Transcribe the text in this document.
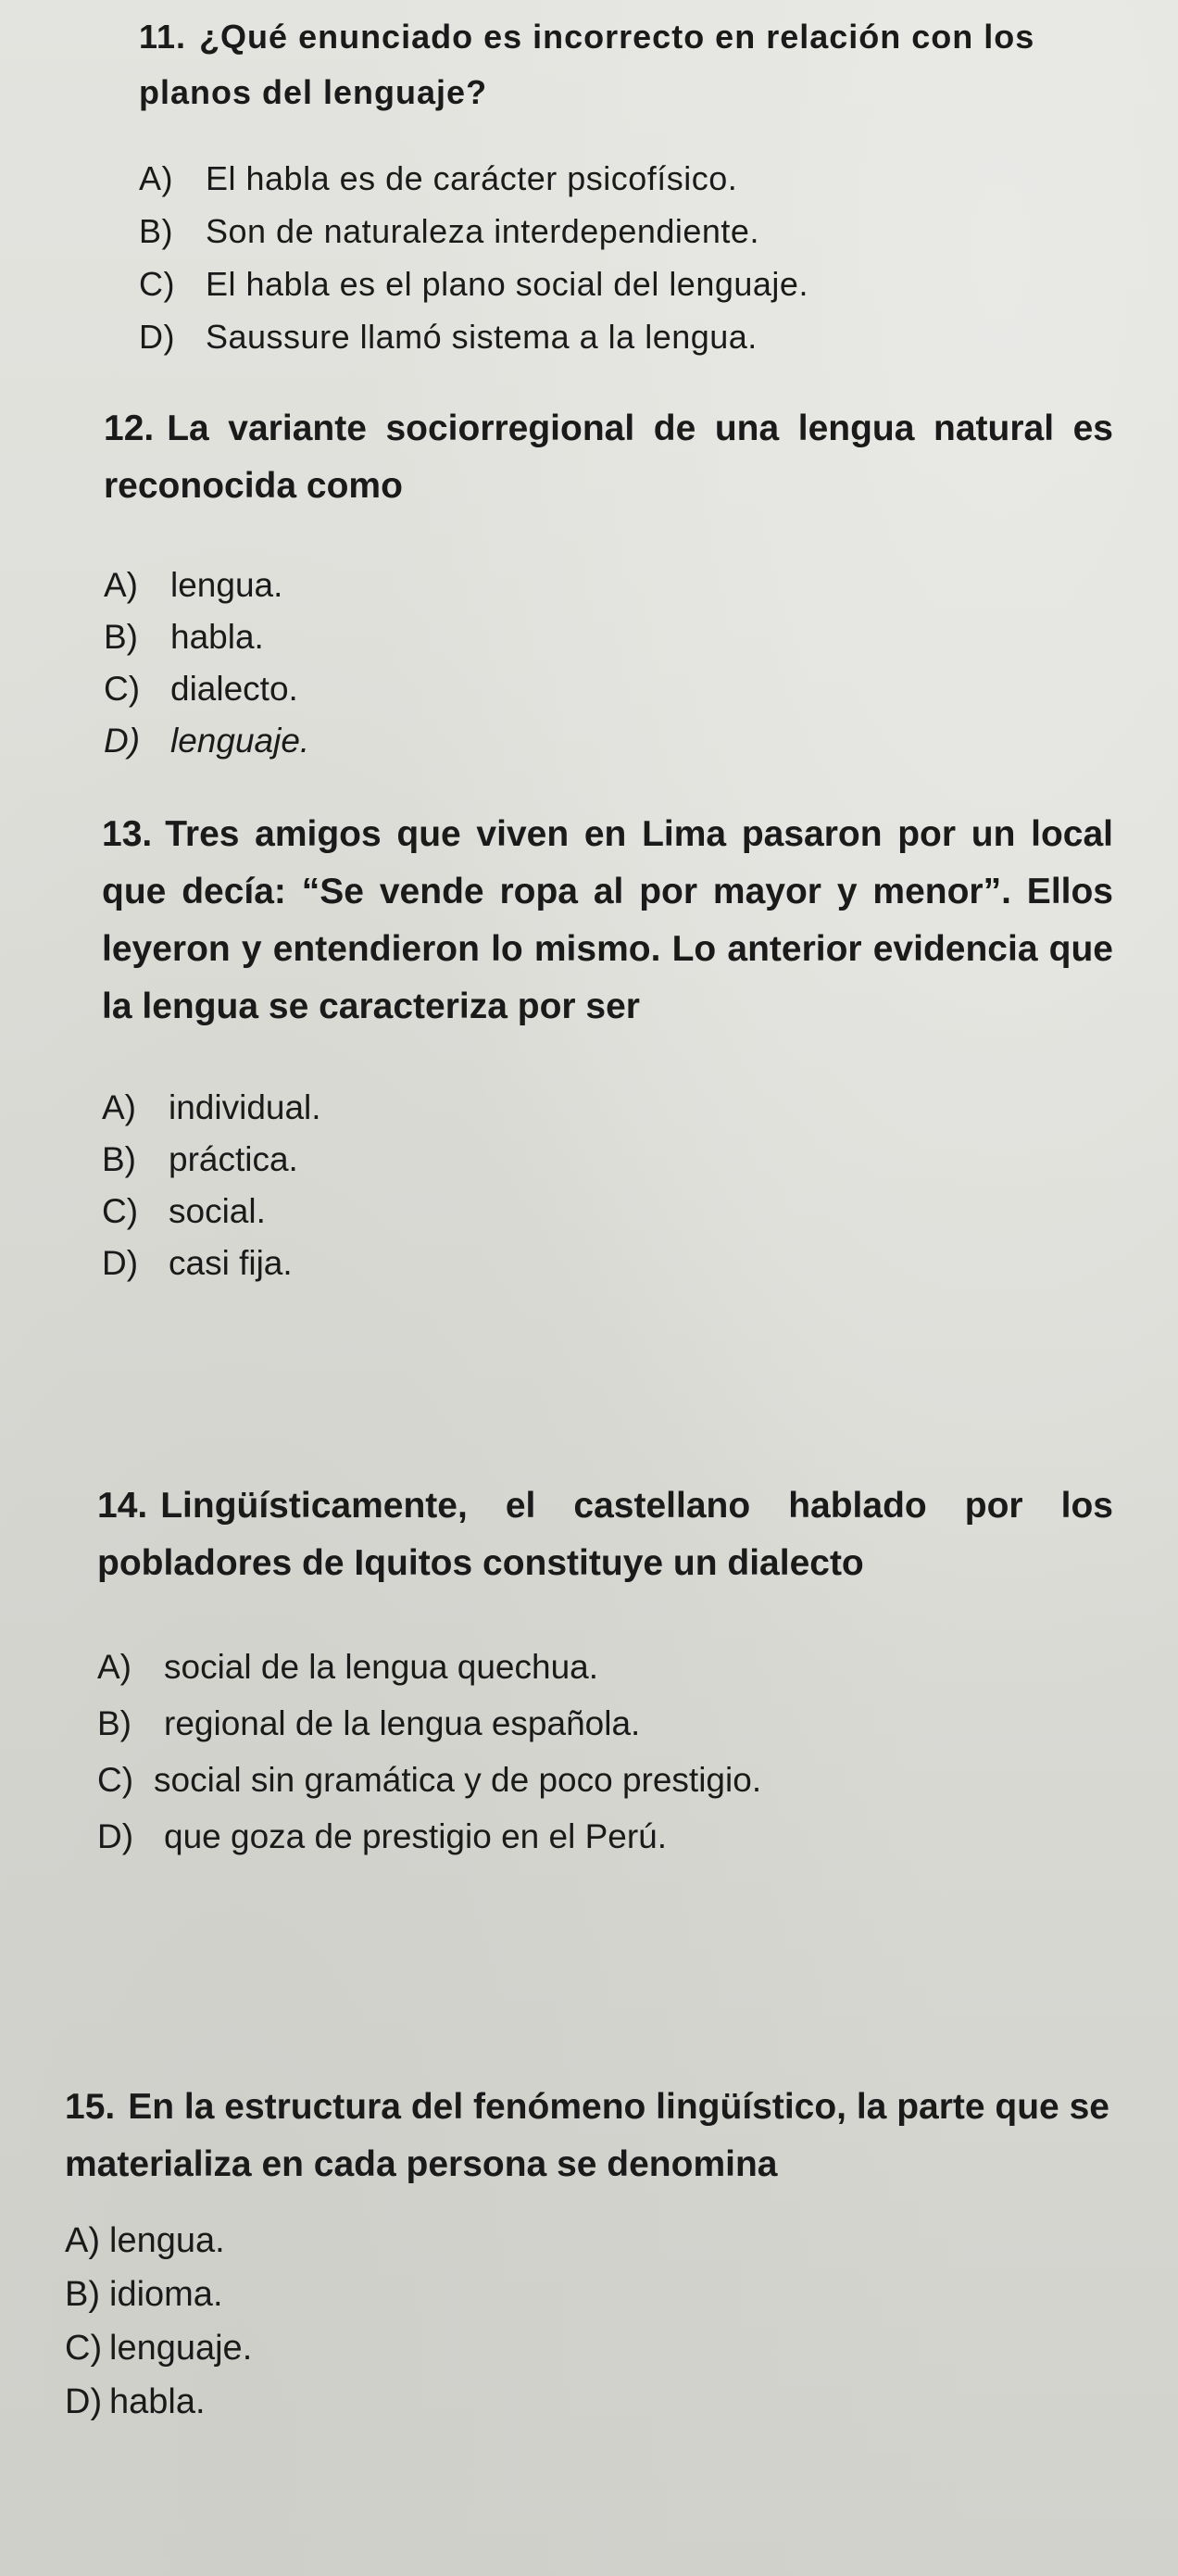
11. ¿Qué enunciado es incorrecto en relación con los planos del lenguaje?

A) El habla es de carácter psicofísico.
B) Son de naturaleza interdependiente.
C) El habla es el plano social del lenguaje.
D) Saussure llamó sistema a la lengua.

12. La variante sociorregional de una lengua natural es reconocida como

A) lengua.
B) habla.
C) dialecto.
D) lenguaje.

13. Tres amigos que viven en Lima pasaron por un local que decía: “Se vende ropa al por mayor y menor”. Ellos leyeron y entendieron lo mismo. Lo anterior evidencia que la lengua se caracteriza por ser

A) individual.
B) práctica.
C) social.
D) casi fija.

14. Lingüísticamente, el castellano hablado por los pobladores de Iquitos constituye un dialecto

A) social de la lengua quechua.
B) regional de la lengua española.
C) social sin gramática y de poco prestigio.
D) que goza de prestigio en el Perú.

15. En la estructura del fenómeno lingüístico, la parte que se materializa en cada persona se denomina

A) lengua.
B) idioma.
C) lenguaje.
D) habla.
